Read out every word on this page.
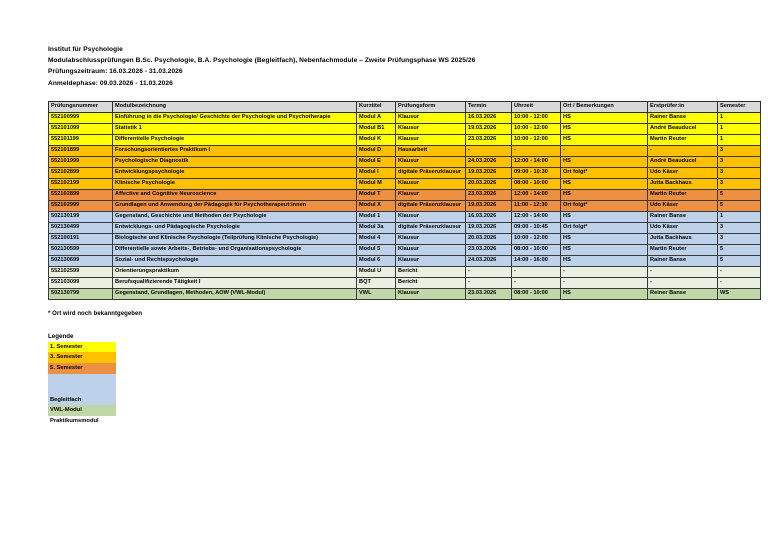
Institut für Psychologie
Modulabschlussprüfungen B.Sc. Psychologie, B.A. Psychologie (Begleitfach), Nebenfachmodule – Zweite Prüfungsphase WS 2025/26
Prüfungszeitraum: 16.03.2026 - 31.03.2026
Anmeldephase: 09.03.2026 - 11.03.2026
Prüfungsnummer	Modulbezeichnung	Kurztitel	Prüfungsform	Termin	Uhrzeit	Ort / Bemerkungen	Erstprüfer:in	Semester
552100999	Einführung in die Psychologie/ Geschichte der Psychologie und Psychotherapie	Modul A	Klausur	16.03.2026	10:00 - 12:00	HS	Rainer Banse	1
552101099	Statistik 1	Modul B1	Klausur	19.03.2026	10:00 - 12:00	HS	André Beauducel	1
552101199	Differentielle Psychologie	Modul K	Klausur	23.03.2026	10:00 - 12:00	HS	Martin Reuter	1
552101899	Forschungsorientiertes Praktikum I	Modul D	Hausarbeit	-	-	-	-	3
552101999	Psychologische Diagnostik	Modul E	Klausur	24.03.2026	12:00 - 14:00	HS	André Beauducel	3
552102899	Entwicklungspsychologie	Modul I	digitale Präsenzklausur	19.03.2026	09:00 - 10:30	Ort folgt*	Udo Käser	3
552102199	Klinische Psychologie	Modul M	Klausur	20.03.2026	08:00 - 10:00	HS	Jutta Backhaus	3
552102899	Affective and Cognitive Neuroscience	Modul T	Klausur	23.03.2026	12:00 - 14:00	HS	Martin Reuter	5
552102999	Grundlagen und Anwendung der Pädagogik für Psychotherapeut:innen	Modul X	digitale Präsenzklausur	19.03.2026	11:00 - 12:30	Ort folgt*	Udo Käser	5
502130199	Gegenstand, Geschichte und Methoden der Psychologie	Modul 1	Klausur	16.03.2026	12:00 - 14:00	HS	Rainer Banse	1
502130499	Entwicklungs- und Pädagogische Psychologie	Modul 3a	digitale Präsenzklausur	19.03.2026	09:00 - 10:45	Ort folgt*	Udo Käser	3
552100191	Biologische und Klinische Psychologie (Teilprüfung Klinische Psychologie)	Modul 4	Klausur	20.03.2026	10:00 - 12:00	HS	Jutta Backhaus	3
502130599	Differentielle sowie Arbeits-, Betriebs- und Organisationspsychologie	Modul 5	Klausur	23.03.2026	08:00 - 10:00	HS	Martin Reuter	5
502130699	Sozial- und Rechtspsychologie	Modul 6	Klausur	24.03.2026	14:00 - 16:00	HS	Rainer Banse	5
552102599	Orientierungspraktikum	Modul U	Bericht	-	-	-	-	-
552103099	Berufsqualifizierende Tätigkeit I	BQT	Bericht	-	-	-	-	-
502130799	Gegenstand, Grundlagen, Methoden, AOW (VWL-Modul)	VWL	Klausur	23.03.2026	08:00 - 10:00	HS	Reiner Banse	WS
* Ort wird noch bekanntgegeben
Legende
1. Semester
3. Semester
5. Semester
Begleitfach
VWL-Modul
Praktikumsmodul
